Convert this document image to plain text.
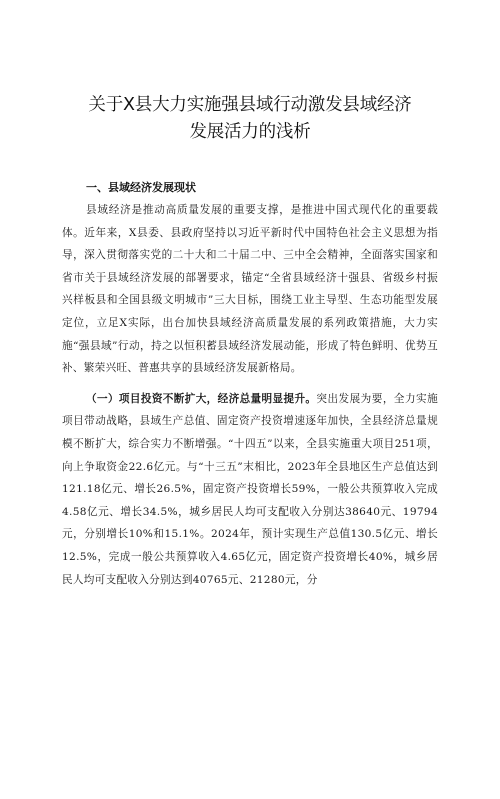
关于X县大力实施强县域行动激发县域经济
发展活力的浅析
一、县域经济发展现状

县域经济是推动高质量发展的重要支撑，是推进中国式现代化的重要载体。近年来，X县委、县政府坚持以习近平新时代中国特色社会主义思想为指导，深入贯彻落实党的二十大和二十届二中、三中全会精神，全面落实国家和省市关于县域经济发展的部署要求，锚定“全省县域经济十强县、省级乡村振兴样板县和全国县级文明城市”三大目标，围绕工业主导型、生态功能型发展定位，立足X实际，出台加快县域经济高质量发展的系列政策措施，大力实施“强县域”行动，持之以恒积蓄县域经济发展动能，形成了特色鲜明、优势互补、繁荣兴旺、普惠共享的县域经济发展新格局。

（一）项目投资不断扩大，经济总量明显提升。突出发展为要，全力实施项目带动战略，县域生产总值、固定资产投资增速逐年加快，全县经济总量规模不断扩大，综合实力不断增强。“十四五”以来，全县实施重大项目251项，向上争取资金22.6亿元。与“十三五”末相比，2023年全县地区生产总值达到121.18亿元、增长26.5%，固定资产投资增长59%，一般公共预算收入完成4.58亿元、增长34.5%，城乡居民人均可支配收入分别达38640元、19794元，分别增长10%和15.1%。2024年，预计实现生产总值130.5亿元、增长12.5%，完成一般公共预算收入4.65亿元，固定资产投资增长40%，城乡居民人均可支配收入分别达到40765元、21280元，分
